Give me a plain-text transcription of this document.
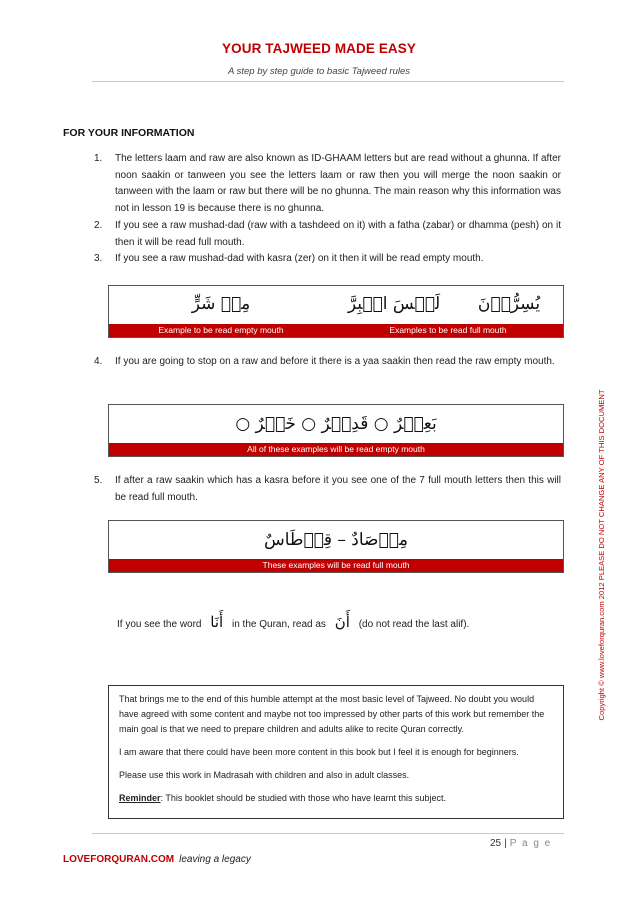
YOUR TAJWEED MADE EASY
A step by step guide to basic Tajweed rules
FOR YOUR INFORMATION
1. The letters laam and raw are also known as ID-GHAAM letters but are read without a ghunna. If after noon saakin or tanween you see the letters laam or raw then you will merge the noon saakin or tanween with the laam or raw but there will be no ghunna. The main reason why this information was not in lesson 19 is because there is no ghunna.
2. If you see a raw mushad-dad (raw with a tashdeed on it) with a fatha (zabar) or dhamma (pesh) on it then it will be read full mouth.
3. If you see a raw mushad-dad with kasra (zer) on it then it will be read empty mouth.
مِنۡ شَرٍّ	لَيۡسَ الۡبِرَّ	يُسِرُّوۡنَ
Example to be read empty mouth	Examples to be read full mouth
4. If you are going to stop on a raw and before it there is a yaa saakin then read the raw empty mouth.
بَعِيۡرٌ ○ قَدِيۡرٌ ○ خَيۡرٌ ○
All of these examples will be read empty mouth
5. If after a raw saakin which has a kasra before it you see one of the 7 full mouth letters then this will be read full mouth.
مِرۡصَادٌ – قِرۡطَاسٌ
These examples will be read full mouth
If you see the word أَنَا in the Quran, read as أَنَ (do not read the last alif).

That brings me to the end of this humble attempt at the most basic level of Tajweed. No doubt you would have agreed with some content and maybe not too impressed by other parts of this work but remember the main goal is that we need to prepare children and adults alike to recite Quran correctly.

I am aware that there could have been more content in this book but I feel it is enough for beginners.

Please use this work in Madrasah with children and also in adult classes.

Reminder: This booklet should be studied with those who have learnt this subject.

Copyright © www.loveforquran.com 2012 PLEASE DO NOT CHANGE ANY OF THIS DOCUMENT
25 | P a g e
LOVEFORQURAN.COM leaving a legacy
